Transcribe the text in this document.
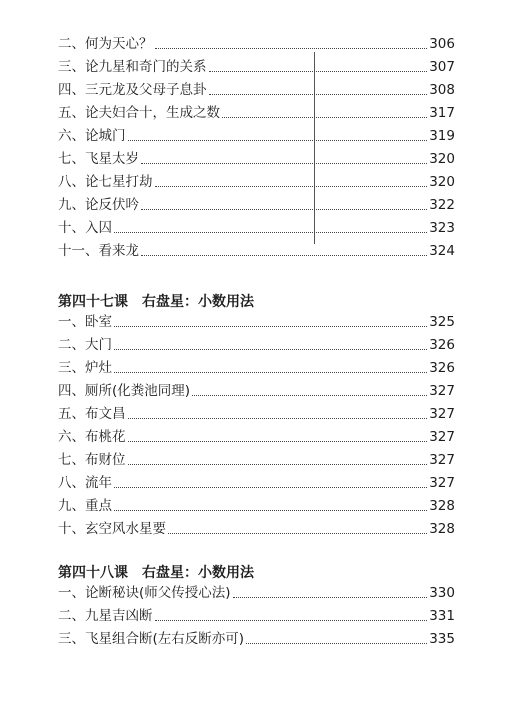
二、何为天心？	306
三、论九星和奇门的关系	307
四、三元龙及父母子息卦	308
五、论夫妇合十，生成之数	317
六、论城门	319
七、飞星太岁	320
八、论七星打劫	320
九、论反伏吟	322
十、入囚	323
十一、看来龙	324
第四十七课　右盘星：小数用法
一、卧室	325
二、大门	326
三、炉灶	326
四、厕所(化粪池同理)	327
五、布文昌	327
六、布桃花	327
七、布财位	327
八、流年	327
九、重点	328
十、玄空风水星要	328
第四十八课　右盘星：小数用法
一、论断秘诀(师父传授心法)	330
二、九星吉凶断	331
三、飞星组合断(左右反断亦可)	335
